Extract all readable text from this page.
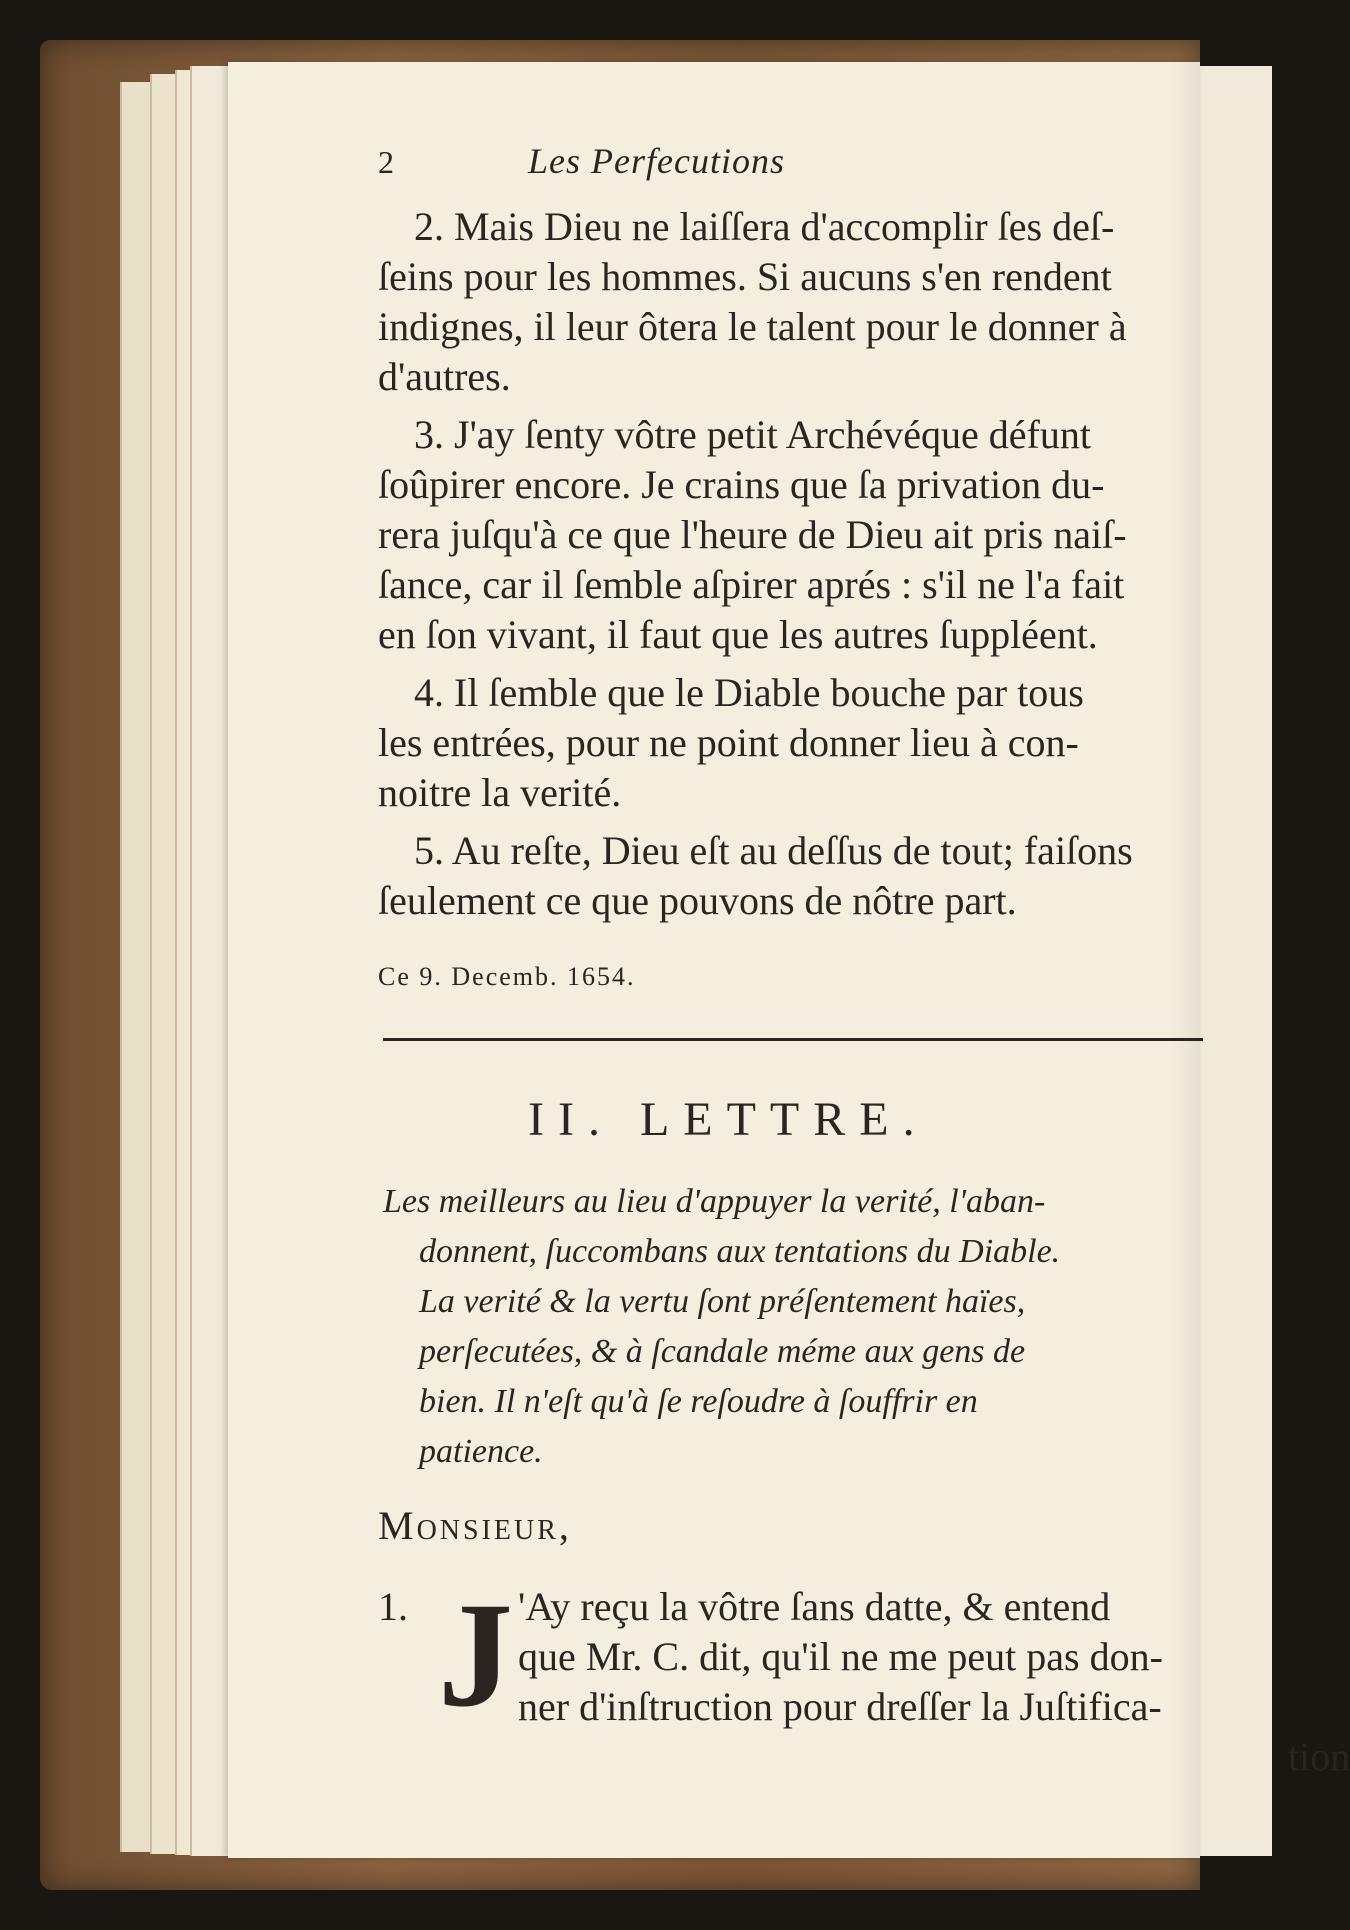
2	Les Perfecutions
2. Mais Dieu ne laiſſera d'accomplir ſes deſ-
ſeins pour les hommes. Si aucuns s'en rendent
indignes, il leur ôtera le talent pour le donner à
d'autres.
3. J'ay ſenty vôtre petit Archévéque défunt
ſoûpirer encore. Je crains que ſa privation du-
rera juſqu'à ce que l'heure de Dieu ait pris naiſ-
ſance, car il ſemble aſpirer aprés : s'il ne l'a fait
en ſon vivant, il faut que les autres ſuppléent.
4. Il ſemble que le Diable bouche par tous
les entrées, pour ne point donner lieu à con-
noitre la verité.
5. Au reſte, Dieu eſt au deſſus de tout; faiſons
ſeulement ce que pouvons de nôtre part.
Ce 9. Decemb. 1654.
II. LETTRE.
Les meilleurs au lieu d'appuyer la verité, l'aban-
donnent, ſuccombans aux tentations du Diable.
La verité & la vertu ſont préſentement haïes,
perſecutées, & à ſcandale méme aux gens de
bien. Il n'eſt qu'à ſe reſoudre à ſouffrir en
patience.
Monsieur,
1. J 'Ay reçu la vôtre ſans datte, & entend
que Mr. C. dit, qu'il ne me peut pas don-
ner d'inſtruction pour dreſſer la Juſtifica-
tion
